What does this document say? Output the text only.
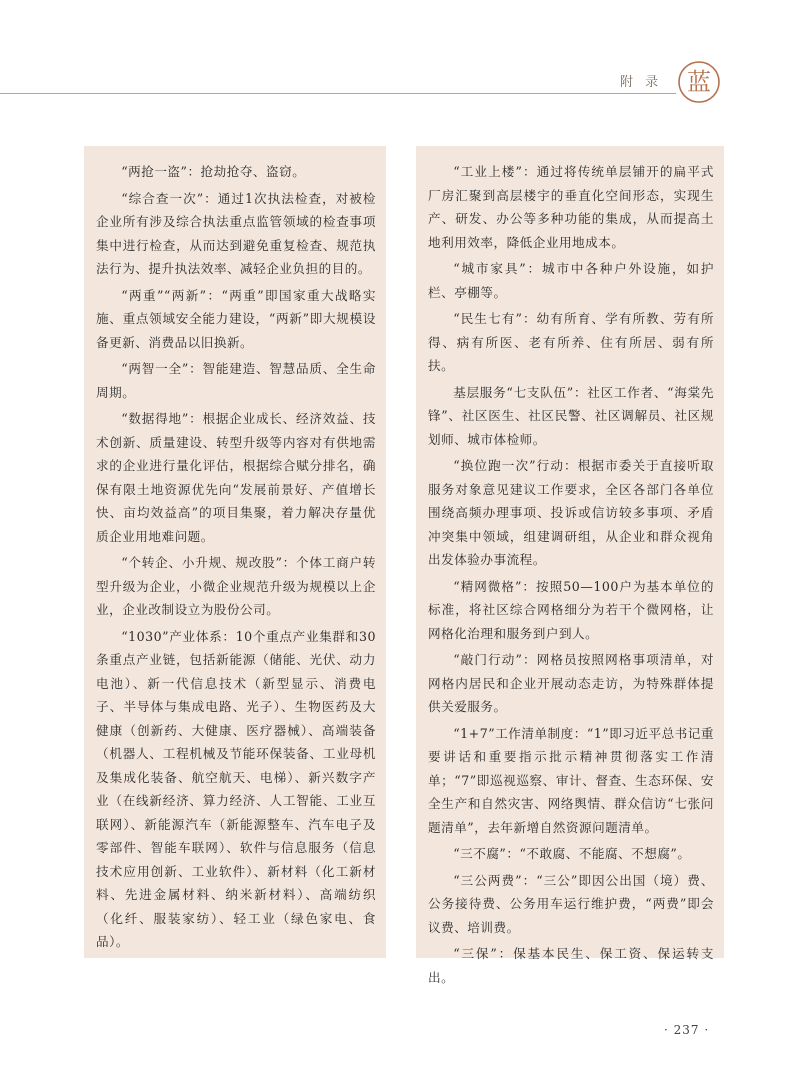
附 录 蓝

“两抢一盗”：抢劫抢夺、盗窃。

“综合查一次”：通过1次执法检查，对被检企业所有涉及综合执法重点监管领域的检查事项集中进行检查，从而达到避免重复检查、规范执法行为、提升执法效率、减轻企业负担的目的。

“两重”“两新”：“两重”即国家重大战略实施、重点领域安全能力建设，“两新”即大规模设备更新、消费品以旧换新。

“两智一全”：智能建造、智慧品质、全生命周期。

“数据得地”：根据企业成长、经济效益、技术创新、质量建设、转型升级等内容对有供地需求的企业进行量化评估，根据综合赋分排名，确保有限土地资源优先向“发展前景好、产值增长快、亩均效益高”的项目集聚，着力解决存量优质企业用地难问题。

“个转企、小升规、规改股”：个体工商户转型升级为企业，小微企业规范升级为规模以上企业，企业改制设立为股份公司。

“1030”产业体系：10个重点产业集群和30条重点产业链，包括新能源（储能、光伏、动力电池）、新一代信息技术（新型显示、消费电子、半导体与集成电路、光子）、生物医药及大健康（创新药、大健康、医疗器械）、高端装备（机器人、工程机械及节能环保装备、工业母机及集成化装备、航空航天、电梯）、新兴数字产业（在线新经济、算力经济、人工智能、工业互联网）、新能源汽车（新能源整车、汽车电子及零部件、智能车联网）、软件与信息服务（信息技术应用创新、工业软件）、新材料（化工新材料、先进金属材料、纳米新材料）、高端纺织（化纤、服装家纺）、轻工业（绿色家电、食品）。

“工业上楼”：通过将传统单层铺开的扁平式厂房汇聚到高层楼宇的垂直化空间形态，实现生产、研发、办公等多种功能的集成，从而提高土地利用效率，降低企业用地成本。

“城市家具”：城市中各种户外设施，如护栏、亭棚等。

“民生七有”：幼有所育、学有所教、劳有所得、病有所医、老有所养、住有所居、弱有所扶。

基层服务“七支队伍”：社区工作者、“海棠先锋”、社区医生、社区民警、社区调解员、社区规划师、城市体检师。

“换位跑一次”行动：根据市委关于直接听取服务对象意见建议工作要求，全区各部门各单位围绕高频办理事项、投诉或信访较多事项、矛盾冲突集中领域，组建调研组，从企业和群众视角出发体验办事流程。

“精网微格”：按照50—100户为基本单位的标准，将社区综合网格细分为若干个微网格，让网格化治理和服务到户到人。

“敲门行动”：网格员按照网格事项清单，对网格内居民和企业开展动态走访，为特殊群体提供关爱服务。

“1+7”工作清单制度：“1”即习近平总书记重要讲话和重要指示批示精神贯彻落实工作清单；“7”即巡视巡察、审计、督查、生态环保、安全生产和自然灾害、网络舆情、群众信访“七张问题清单”，去年新增自然资源问题清单。

“三不腐”：“不敢腐、不能腐、不想腐”。

“三公两费”：“三公”即因公出国（境）费、公务接待费、公务用车运行维护费，“两费”即会议费、培训费。

“三保”：保基本民生、保工资、保运转支出。

· 237 ·
